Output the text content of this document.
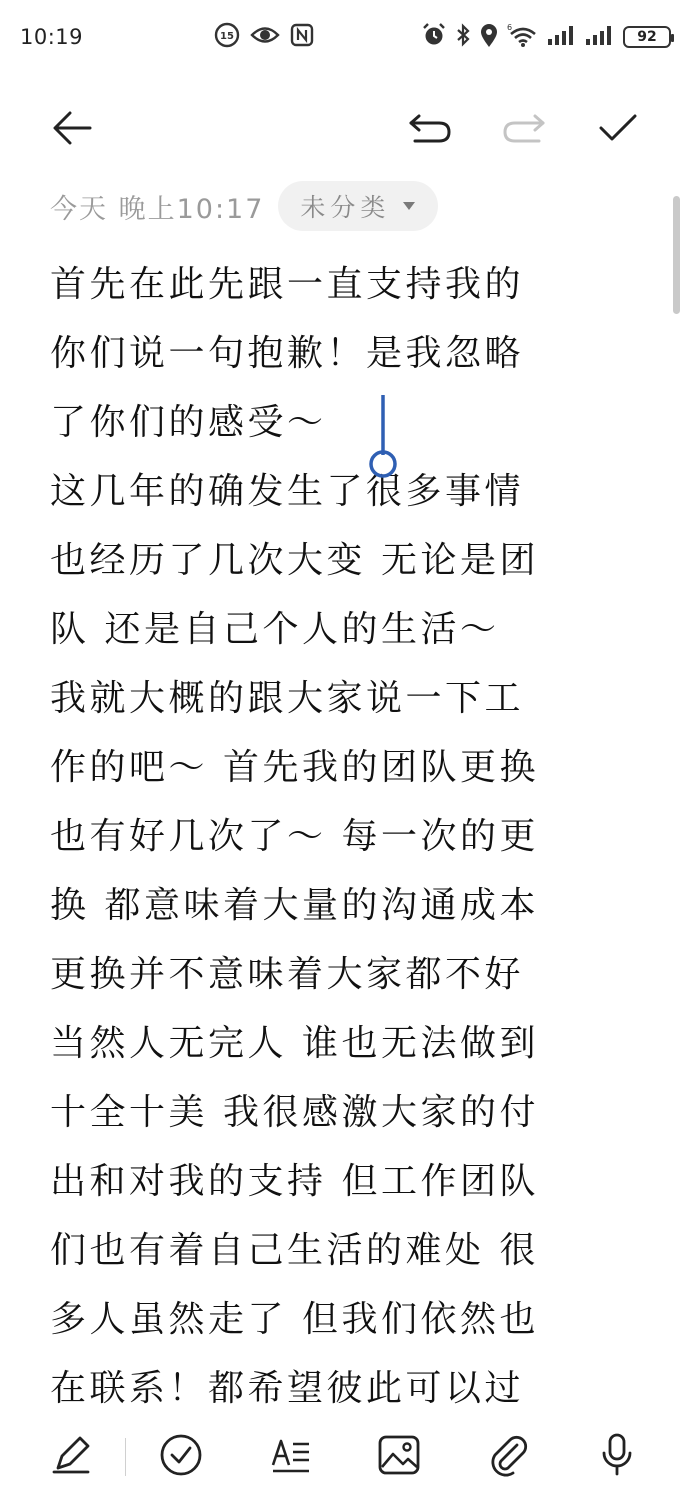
10:19	15
6
92
今天 晚上10:17 未分类
首先在此先跟一直支持我的
你们说一句抱歉！是我忽略
了你们的感受～
这几年的确发生了很多事情
也经历了几次大变 无论是团
队 还是自己个人的生活～
我就大概的跟大家说一下工
作的吧～ 首先我的团队更换
也有好几次了～ 每一次的更
换 都意味着大量的沟通成本
更换并不意味着大家都不好
当然人无完人 谁也无法做到
十全十美 我很感激大家的付
出和对我的支持 但工作团队
们也有着自己生活的难处 很
多人虽然走了 但我们依然也
在联系！都希望彼此可以过
